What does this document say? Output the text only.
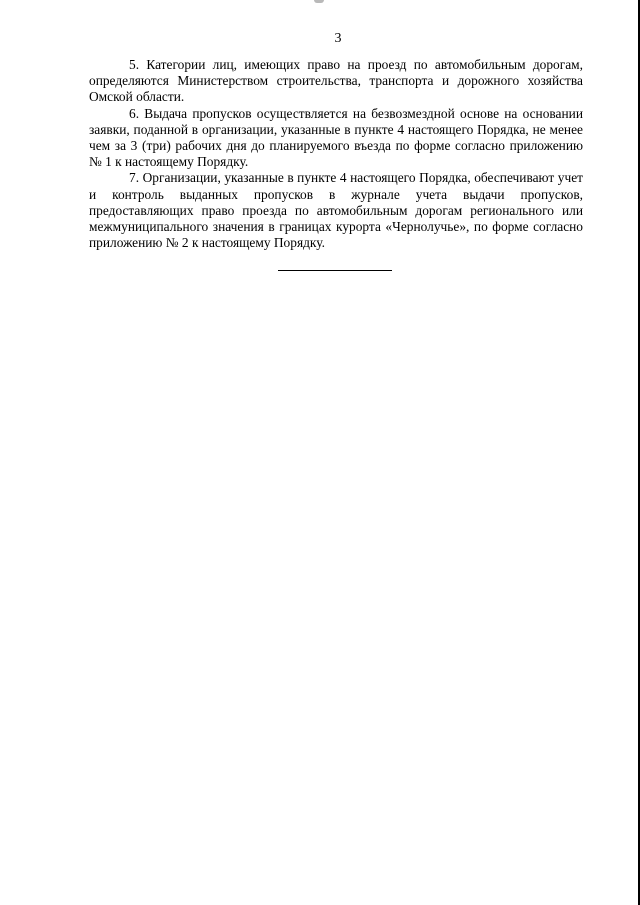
3

5. Категории лиц, имеющих право на проезд по автомобильным дорогам, определяются Министерством строительства, транспорта и дорожного хозяйства Омской области.

6. Выдача пропусков осуществляется на безвозмездной основе на основании заявки, поданной в организации, указанные в пункте 4 настоящего Порядка, не менее чем за 3 (три) рабочих дня до планируемого въезда по форме согласно приложению № 1 к настоящему Порядку.

7. Организации, указанные в пункте 4 настоящего Порядка, обеспечивают учет и контроль выданных пропусков в журнале учета выдачи пропусков, предоставляющих право проезда по автомобильным дорогам регионального или межмуниципального значения в границах курорта «Чернолучье», по форме согласно приложению № 2 к настоящему Порядку.
